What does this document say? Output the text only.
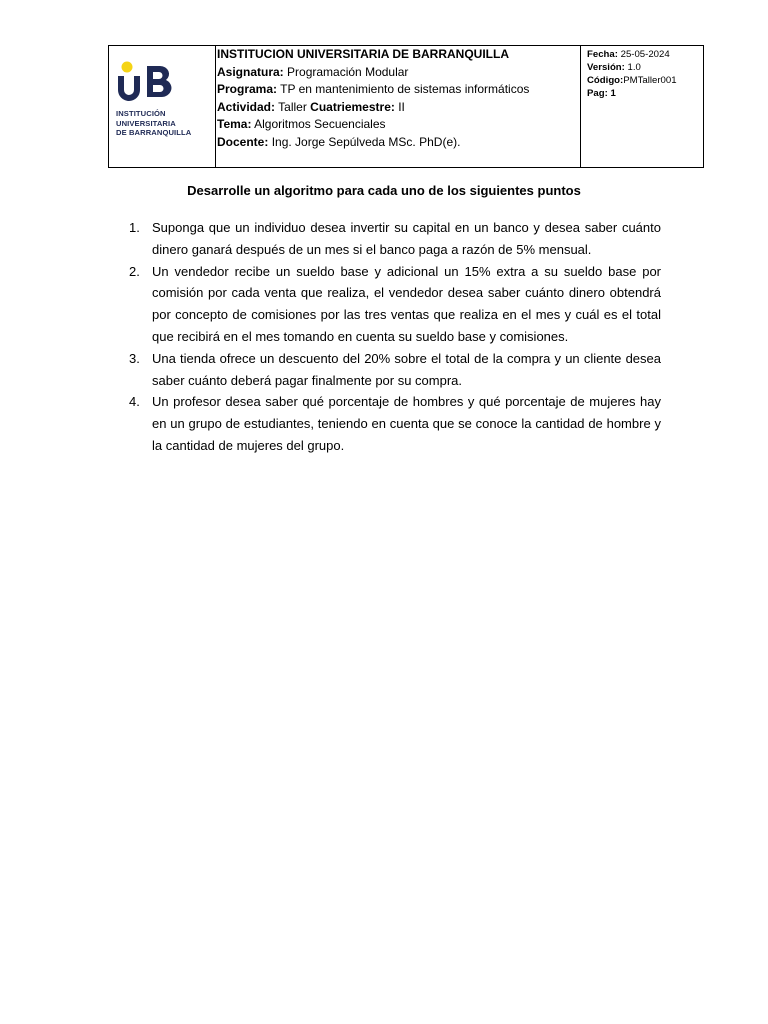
INSTITUCIÓN
UNIVERSITARIA
DE BARRANQUILLA

INSTITUCION UNIVERSITARIA DE BARRANQUILLA
Asignatura: Programación Modular
Programa: TP en mantenimiento de sistemas informáticos
Actividad: Taller Cuatriemestre: II
Tema: Algoritmos Secuenciales
Docente: Ing. Jorge Sepúlveda MSc. PhD(e).

Fecha: 25-05-2024
Versión: 1.0
Código:PMTaller001
Pag: 1
Desarrolle un algoritmo para cada uno de los siguientes puntos
1. Suponga que un individuo desea invertir su capital en un banco y desea saber cuánto dinero ganará después de un mes si el banco paga a razón de 5% mensual.
2. Un vendedor recibe un sueldo base y adicional un 15% extra a su sueldo base por comisión por cada venta que realiza, el vendedor desea saber cuánto dinero obtendrá por concepto de comisiones por las tres ventas que realiza en el mes y cuál es el total que recibirá en el mes tomando en cuenta su sueldo base y comisiones.
3. Una tienda ofrece un descuento del 20% sobre el total de la compra y un cliente desea saber cuánto deberá pagar finalmente por su compra.
4. Un profesor desea saber qué porcentaje de hombres y qué porcentaje de mujeres hay en un grupo de estudiantes, teniendo en cuenta que se conoce la cantidad de hombre y la cantidad de mujeres del grupo.
